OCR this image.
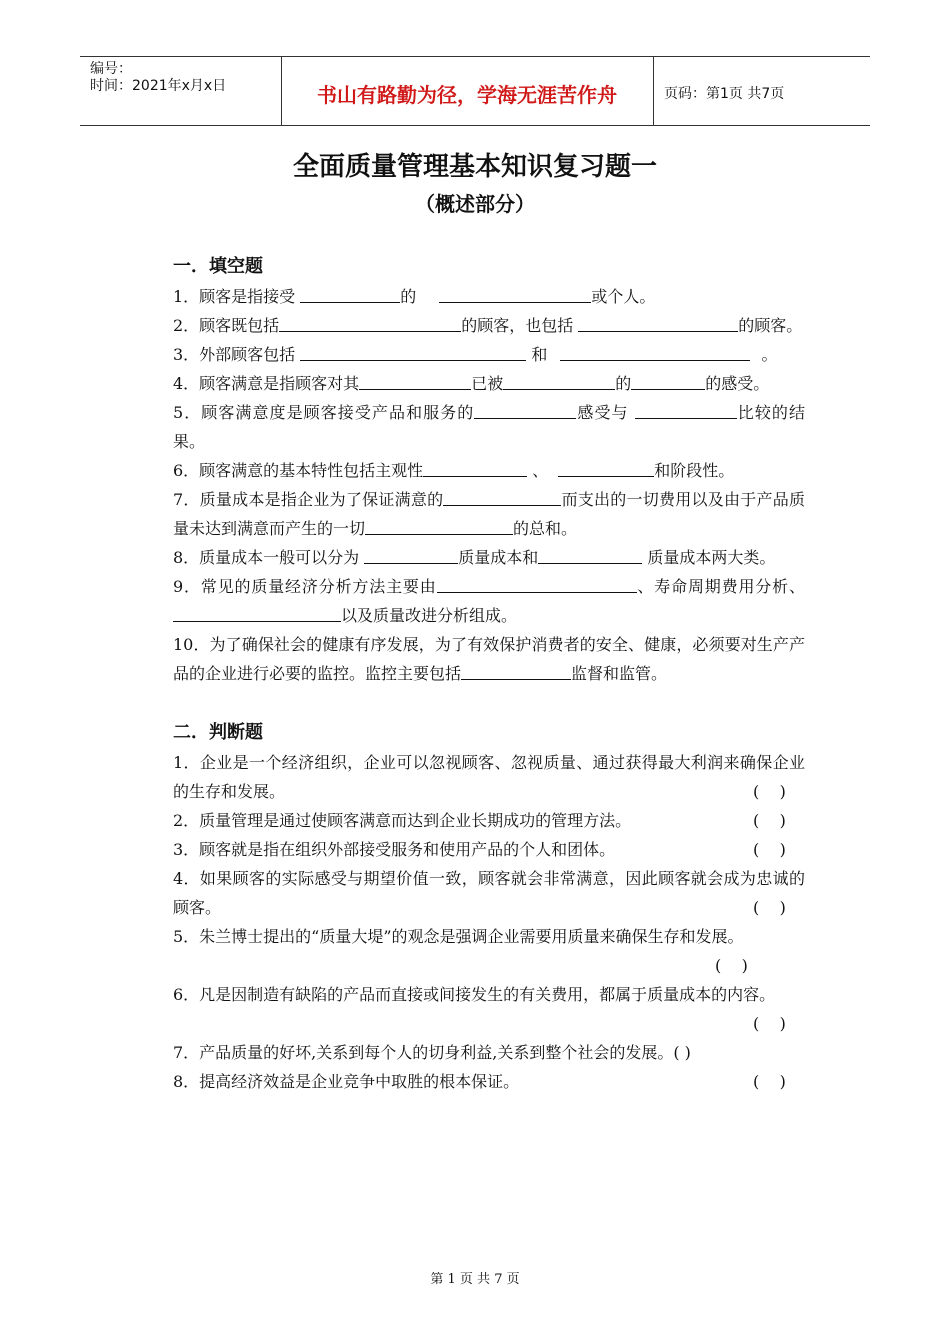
编号：
时间：2021年x月x日	书山有路勤为径，学海无涯苦作舟	页码：第1页 共7页
全面质量管理基本知识复习题一
（概述部分）

一．填空题

1．顾客是指接受	的	或个人。

2．顾客既包括	的顾客，也包括	的顾客。

3．外部顾客包括	和	。

4．顾客满意是指顾客对其	已被	的	的感受。

5．顾客满意度是顾客接受产品和服务的	感受与	比较的结果。

6．顾客满意的基本特性包括主观性	、	和阶段性。

7．质量成本是指企业为了保证满意的	而支出的一切费用以及由于产品质量未达到满意而产生的一切	的总和。

8．质量成本一般可以分为	质量成本和	质量成本两大类。

9．常见的质量经济分析方法主要由	、寿命周期费用分析、以及质量改进分析组成。

10．为了确保社会的健康有序发展，为了有效保护消费者的安全、健康，必须要对生产产品的企业进行必要的监控。监控主要包括	监督和监管。

二．判断题

1．企业是一个经济组织，企业可以忽视顾客、忽视质量、通过获得最大利润来确保企业的生存和发展。	(    )

2．质量管理是通过使顾客满意而达到企业长期成功的管理方法。	(    )

3．顾客就是指在组织外部接受服务和使用产品的个人和团体。	(    )

4．如果顾客的实际感受与期望价值一致，顾客就会非常满意，因此顾客就会成为忠诚的顾客。	(    )

5．朱兰博士提出的“质量大堤”的观念是强调企业需要用质量来确保生存和发展。
(    )

6．凡是因制造有缺陷的产品而直接或间接发生的有关费用，都属于质量成本的内容。
(    )

7．产品质量的好坏,关系到每个人的切身利益,关系到整个社会的发展。( )

8．提高经济效益是企业竞争中取胜的根本保证。	(    )

第 1 页 共 7 页
